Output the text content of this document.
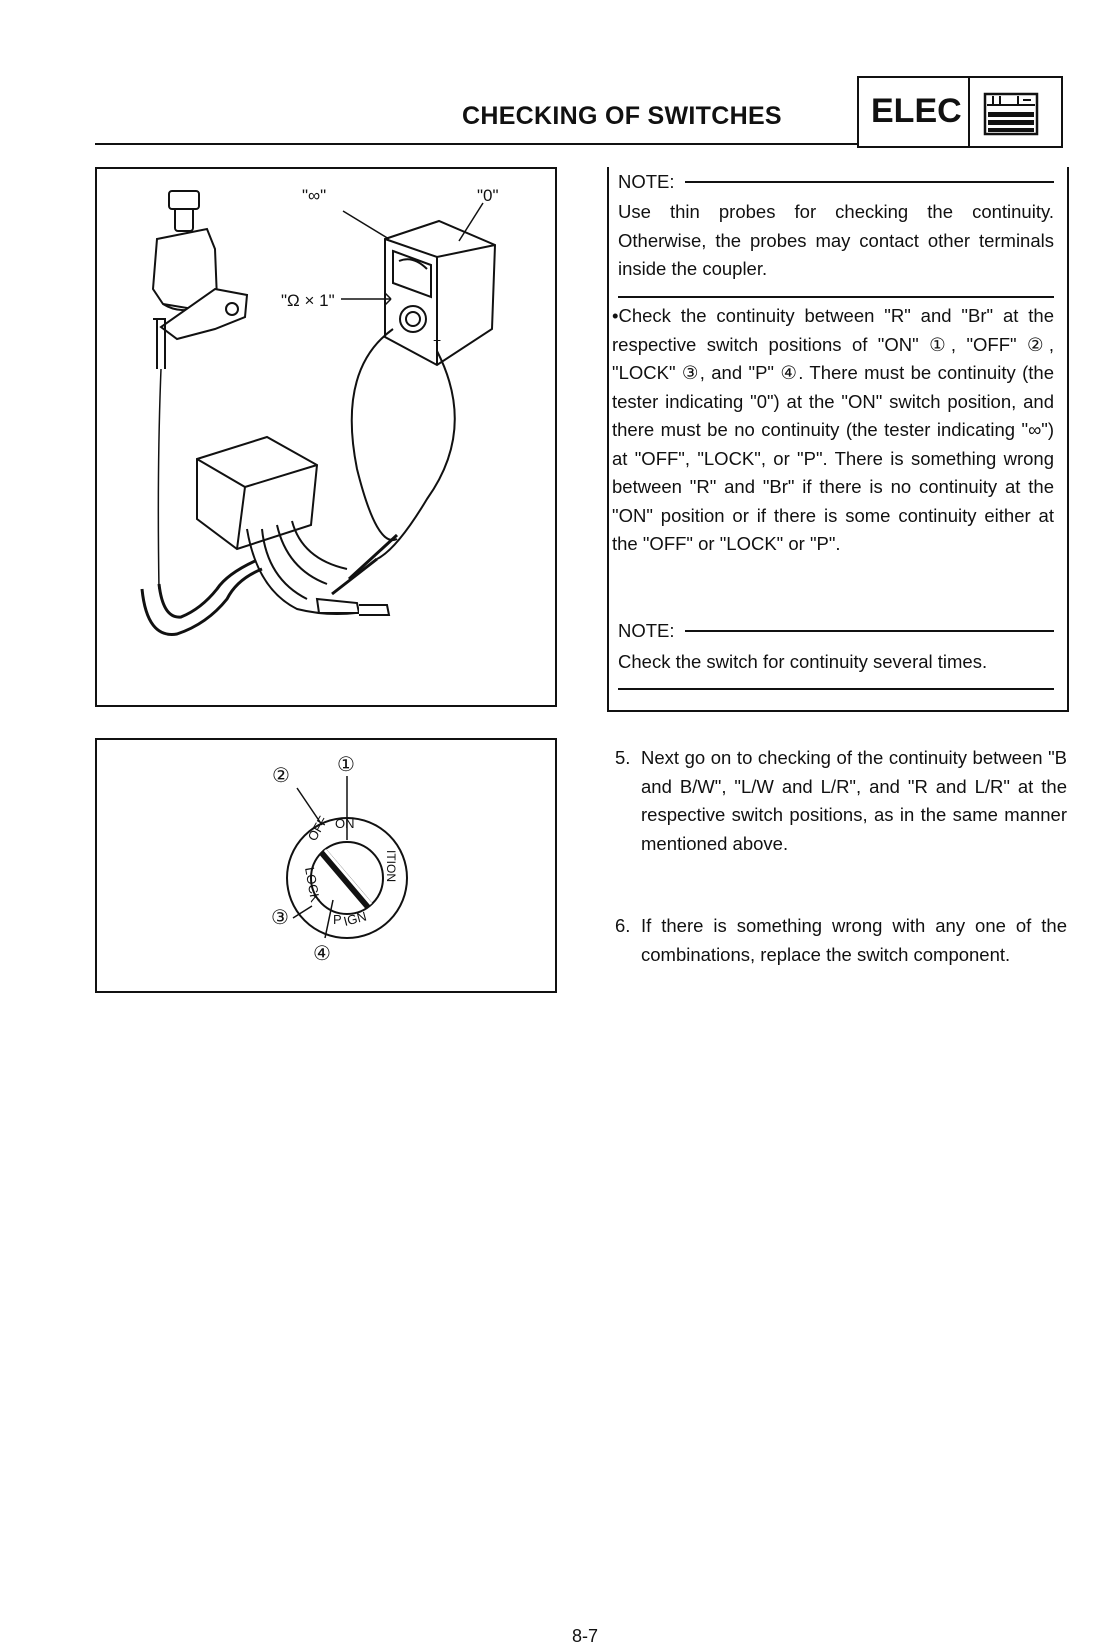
CHECKING OF SWITCHES	ELEC
+
"∞"	"0"
"Ω × 1"
①
②
③
④
OFF ON
LOCK
P IGN
ITION
NOTE:
Use thin probes for checking the continuity. Otherwise, the probes may contact other terminals inside the coupler.
•Check the continuity between "R" and "Br" at the respective switch positions of "ON" ①, "OFF" ②, "LOCK" ③, and "P" ④. There must be continuity (the tester indicating "0") at the "ON" switch position, and there must be no continuity (the tester indicating "∞") at "OFF", "LOCK", or "P". There is something wrong between "R" and "Br" if there is no continuity at the "ON" position or if there is some continuity either at the "OFF" or "LOCK" or "P".
NOTE:
Check the switch for continuity several times.
5. Next go on to checking of the continuity between "B and B/W", "L/W and L/R", and "R and L/R" at the respective switch positions, as in the same manner mentioned above.
6. If there is something wrong with any one of the combinations, replace the switch component.
8-7
